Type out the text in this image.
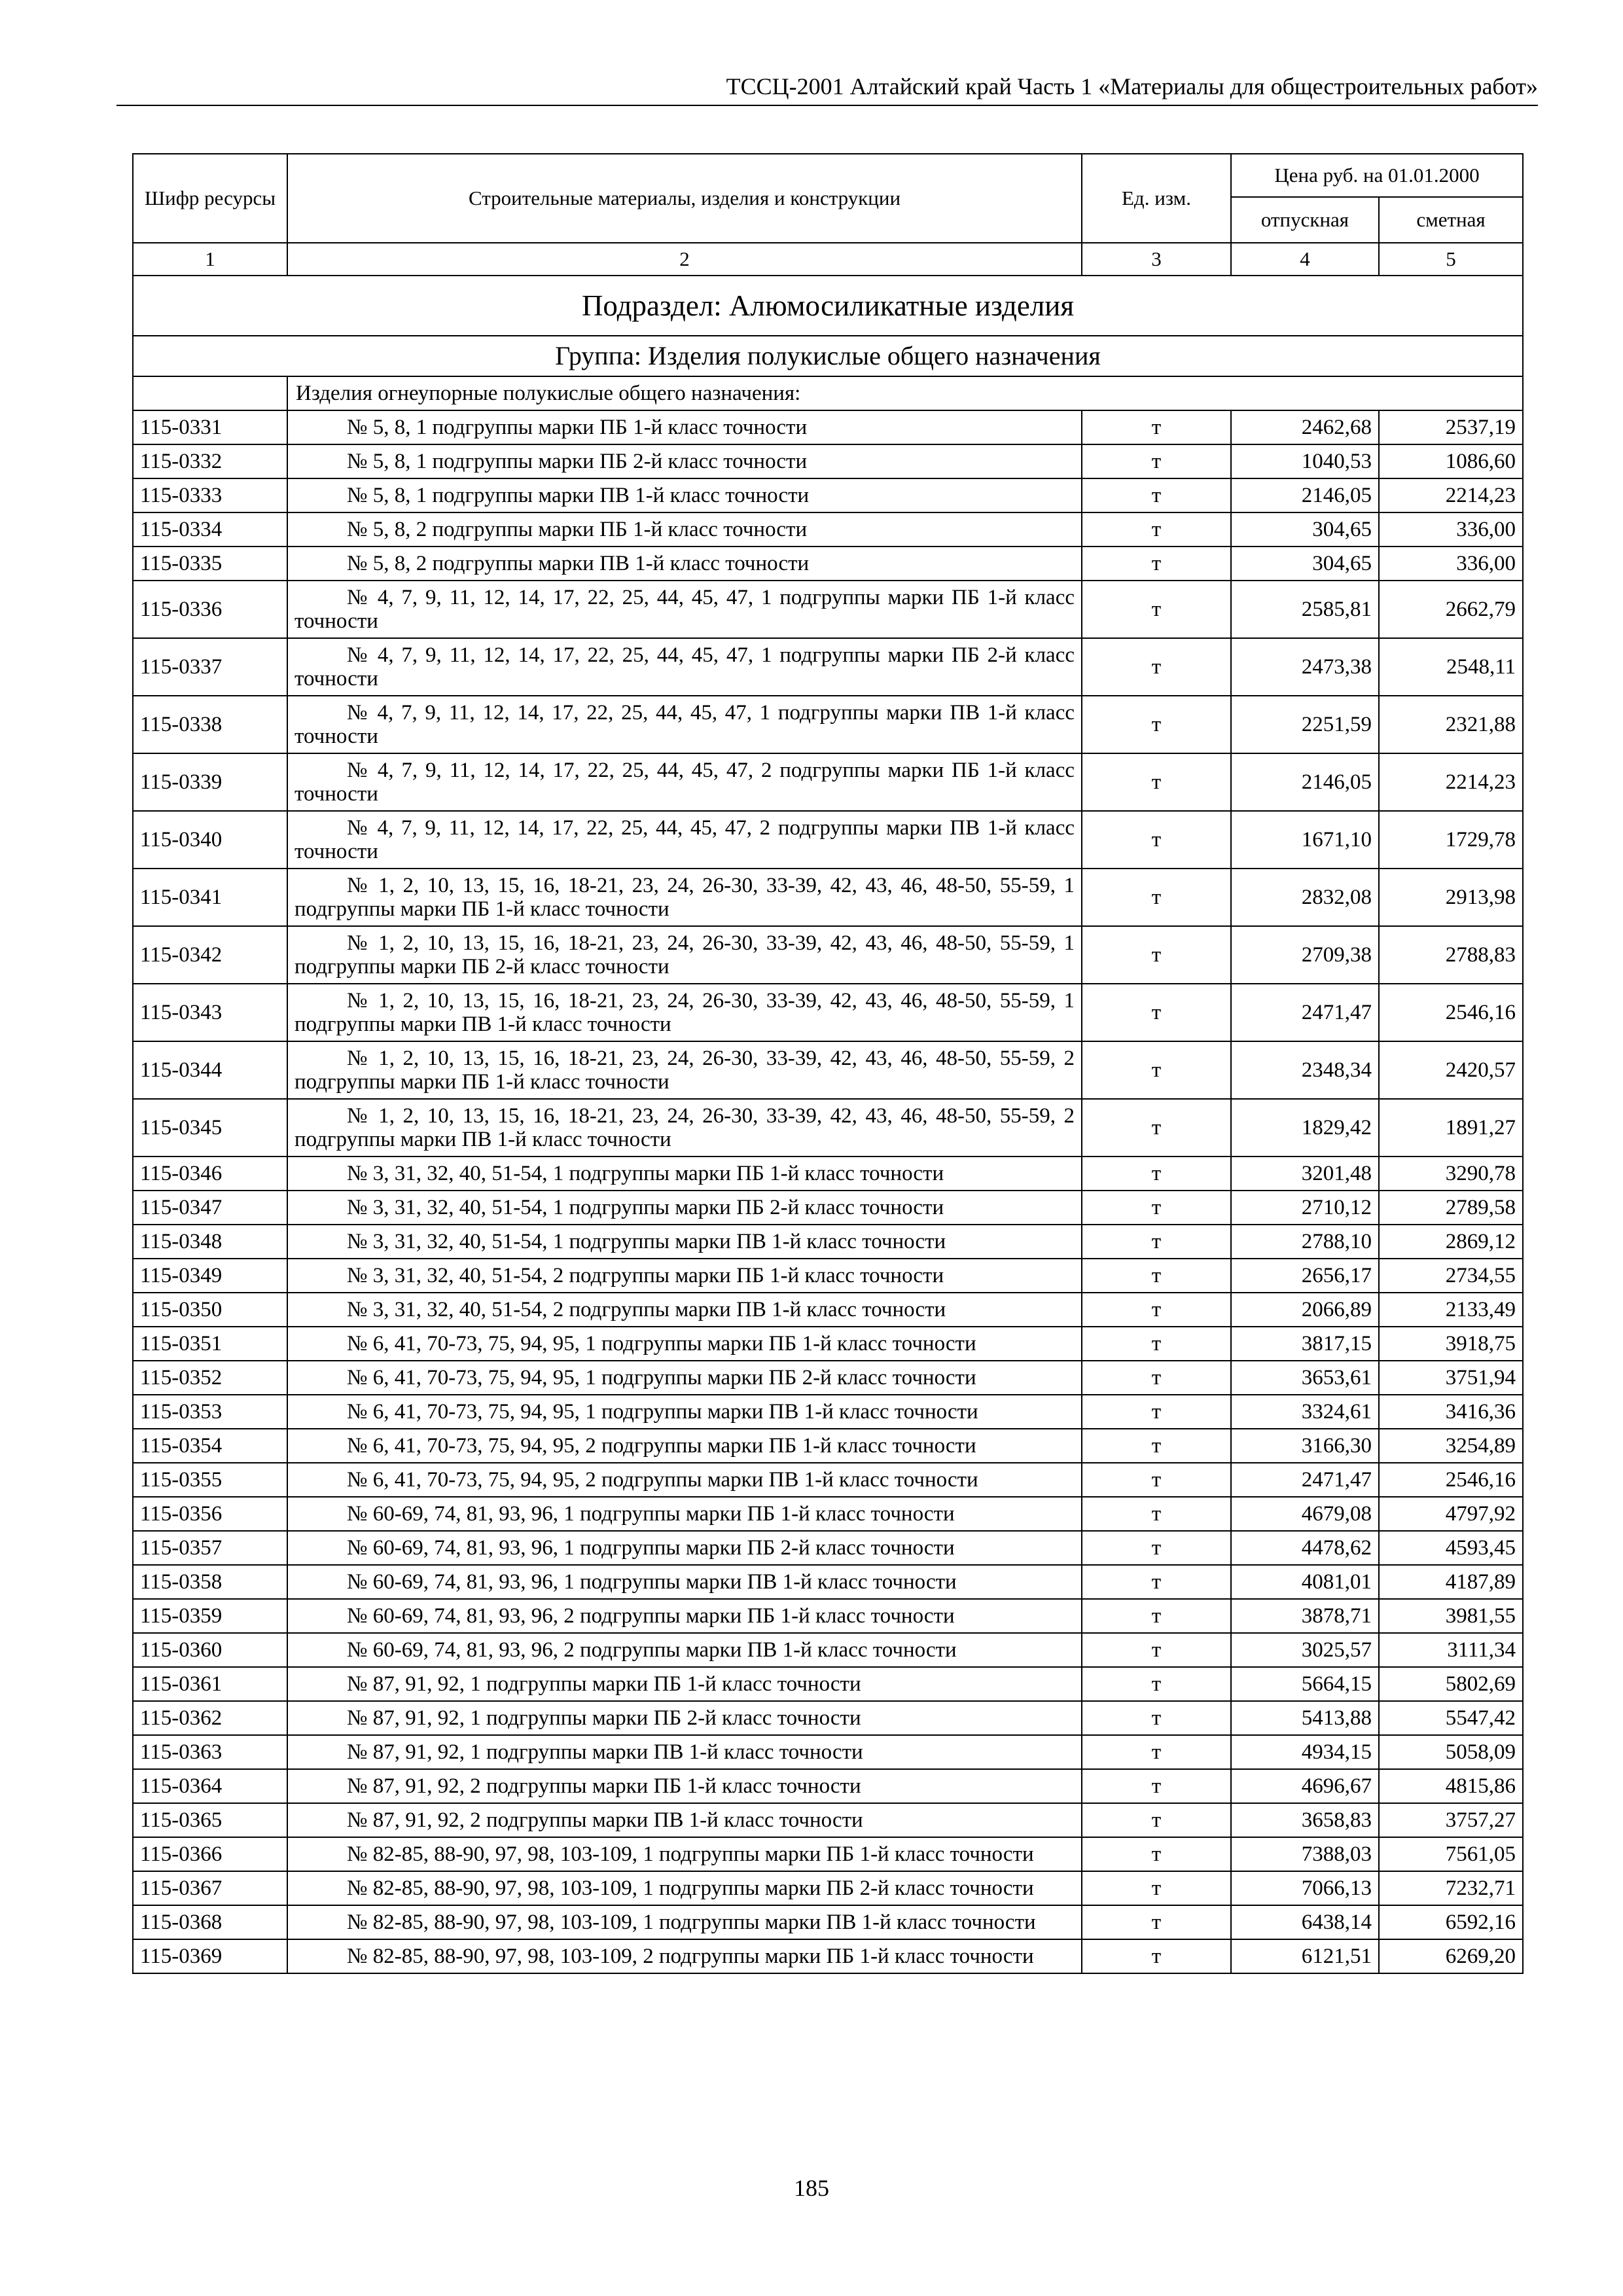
ТССЦ-2001 Алтайский край Часть 1 «Материалы для общестроительных работ»
Шифр ресурсы	Строительные материалы, изделия и конструкции	Ед. изм.	Цена руб. на 01.01.2000	
			отпускная	сметная
1	2	3	4	5
Подраздел: Алюмосиликатные изделия				
Группа: Изделия полукислые общего назначения				
	Изделия огнеупорные полукислые общего назначения:			
115-0331	№ 5, 8, 1 подгруппы марки ПБ 1-й класс точности	т	2462,68	2537,19
115-0332	№ 5, 8, 1 подгруппы марки ПБ 2-й класс точности	т	1040,53	1086,60
115-0333	№ 5, 8, 1 подгруппы марки ПВ 1-й класс точности	т	2146,05	2214,23
115-0334	№ 5, 8, 2 подгруппы марки ПБ 1-й класс точности	т	304,65	336,00
115-0335	№ 5, 8, 2 подгруппы марки ПВ 1-й класс точности	т	304,65	336,00
115-0336	№ 4, 7, 9, 11, 12, 14, 17, 22, 25, 44, 45, 47, 1 подгруппы марки ПБ 1-й класс точности	т	2585,81	2662,79
115-0337	№ 4, 7, 9, 11, 12, 14, 17, 22, 25, 44, 45, 47, 1 подгруппы марки ПБ 2-й класс точности	т	2473,38	2548,11
115-0338	№ 4, 7, 9, 11, 12, 14, 17, 22, 25, 44, 45, 47, 1 подгруппы марки ПВ 1-й класс точности	т	2251,59	2321,88
115-0339	№ 4, 7, 9, 11, 12, 14, 17, 22, 25, 44, 45, 47, 2 подгруппы марки ПБ 1-й класс точности	т	2146,05	2214,23
115-0340	№ 4, 7, 9, 11, 12, 14, 17, 22, 25, 44, 45, 47, 2 подгруппы марки ПВ 1-й класс точности	т	1671,10	1729,78
115-0341	№ 1, 2, 10, 13, 15, 16, 18-21, 23, 24, 26-30, 33-39, 42, 43, 46, 48-50, 55-59, 1 подгруппы марки ПБ 1-й класс точности	т	2832,08	2913,98
115-0342	№ 1, 2, 10, 13, 15, 16, 18-21, 23, 24, 26-30, 33-39, 42, 43, 46, 48-50, 55-59, 1 подгруппы марки ПБ 2-й класс точности	т	2709,38	2788,83
115-0343	№ 1, 2, 10, 13, 15, 16, 18-21, 23, 24, 26-30, 33-39, 42, 43, 46, 48-50, 55-59, 1 подгруппы марки ПВ 1-й класс точности	т	2471,47	2546,16
115-0344	№ 1, 2, 10, 13, 15, 16, 18-21, 23, 24, 26-30, 33-39, 42, 43, 46, 48-50, 55-59, 2 подгруппы марки ПБ 1-й класс точности	т	2348,34	2420,57
115-0345	№ 1, 2, 10, 13, 15, 16, 18-21, 23, 24, 26-30, 33-39, 42, 43, 46, 48-50, 55-59, 2 подгруппы марки ПВ 1-й класс точности	т	1829,42	1891,27
115-0346	№ 3, 31, 32, 40, 51-54, 1 подгруппы марки ПБ 1-й класс точности	т	3201,48	3290,78
115-0347	№ 3, 31, 32, 40, 51-54, 1 подгруппы марки ПБ 2-й класс точности	т	2710,12	2789,58
115-0348	№ 3, 31, 32, 40, 51-54, 1 подгруппы марки ПВ 1-й класс точности	т	2788,10	2869,12
115-0349	№ 3, 31, 32, 40, 51-54, 2 подгруппы марки ПБ 1-й класс точности	т	2656,17	2734,55
115-0350	№ 3, 31, 32, 40, 51-54, 2 подгруппы марки ПВ 1-й класс точности	т	2066,89	2133,49
115-0351	№ 6, 41, 70-73, 75, 94, 95, 1 подгруппы марки ПБ 1-й класс точности	т	3817,15	3918,75
115-0352	№ 6, 41, 70-73, 75, 94, 95, 1 подгруппы марки ПБ 2-й класс точности	т	3653,61	3751,94
115-0353	№ 6, 41, 70-73, 75, 94, 95, 1 подгруппы марки ПВ 1-й класс точности	т	3324,61	3416,36
115-0354	№ 6, 41, 70-73, 75, 94, 95, 2 подгруппы марки ПБ 1-й класс точности	т	3166,30	3254,89
115-0355	№ 6, 41, 70-73, 75, 94, 95, 2 подгруппы марки ПВ 1-й класс точности	т	2471,47	2546,16
115-0356	№ 60-69, 74, 81, 93, 96, 1 подгруппы марки ПБ 1-й класс точности	т	4679,08	4797,92
115-0357	№ 60-69, 74, 81, 93, 96, 1 подгруппы марки ПБ 2-й класс точности	т	4478,62	4593,45
115-0358	№ 60-69, 74, 81, 93, 96, 1 подгруппы марки ПВ 1-й класс точности	т	4081,01	4187,89
115-0359	№ 60-69, 74, 81, 93, 96, 2 подгруппы марки ПБ 1-й класс точности	т	3878,71	3981,55
115-0360	№ 60-69, 74, 81, 93, 96, 2 подгруппы марки ПВ 1-й класс точности	т	3025,57	3111,34
115-0361	№ 87, 91, 92, 1 подгруппы марки ПБ 1-й класс точности	т	5664,15	5802,69
115-0362	№ 87, 91, 92, 1 подгруппы марки ПБ 2-й класс точности	т	5413,88	5547,42
115-0363	№ 87, 91, 92, 1 подгруппы марки ПВ 1-й класс точности	т	4934,15	5058,09
115-0364	№ 87, 91, 92, 2 подгруппы марки ПБ 1-й класс точности	т	4696,67	4815,86
115-0365	№ 87, 91, 92, 2 подгруппы марки ПВ 1-й класс точности	т	3658,83	3757,27
115-0366	№ 82-85, 88-90, 97, 98, 103-109, 1 подгруппы марки ПБ 1-й класс точности	т	7388,03	7561,05
115-0367	№ 82-85, 88-90, 97, 98, 103-109, 1 подгруппы марки ПБ 2-й класс точности	т	7066,13	7232,71
115-0368	№ 82-85, 88-90, 97, 98, 103-109, 1 подгруппы марки ПВ 1-й класс точности	т	6438,14	6592,16
115-0369	№ 82-85, 88-90, 97, 98, 103-109, 2 подгруппы марки ПБ 1-й класс точности	т	6121,51	6269,20
185
